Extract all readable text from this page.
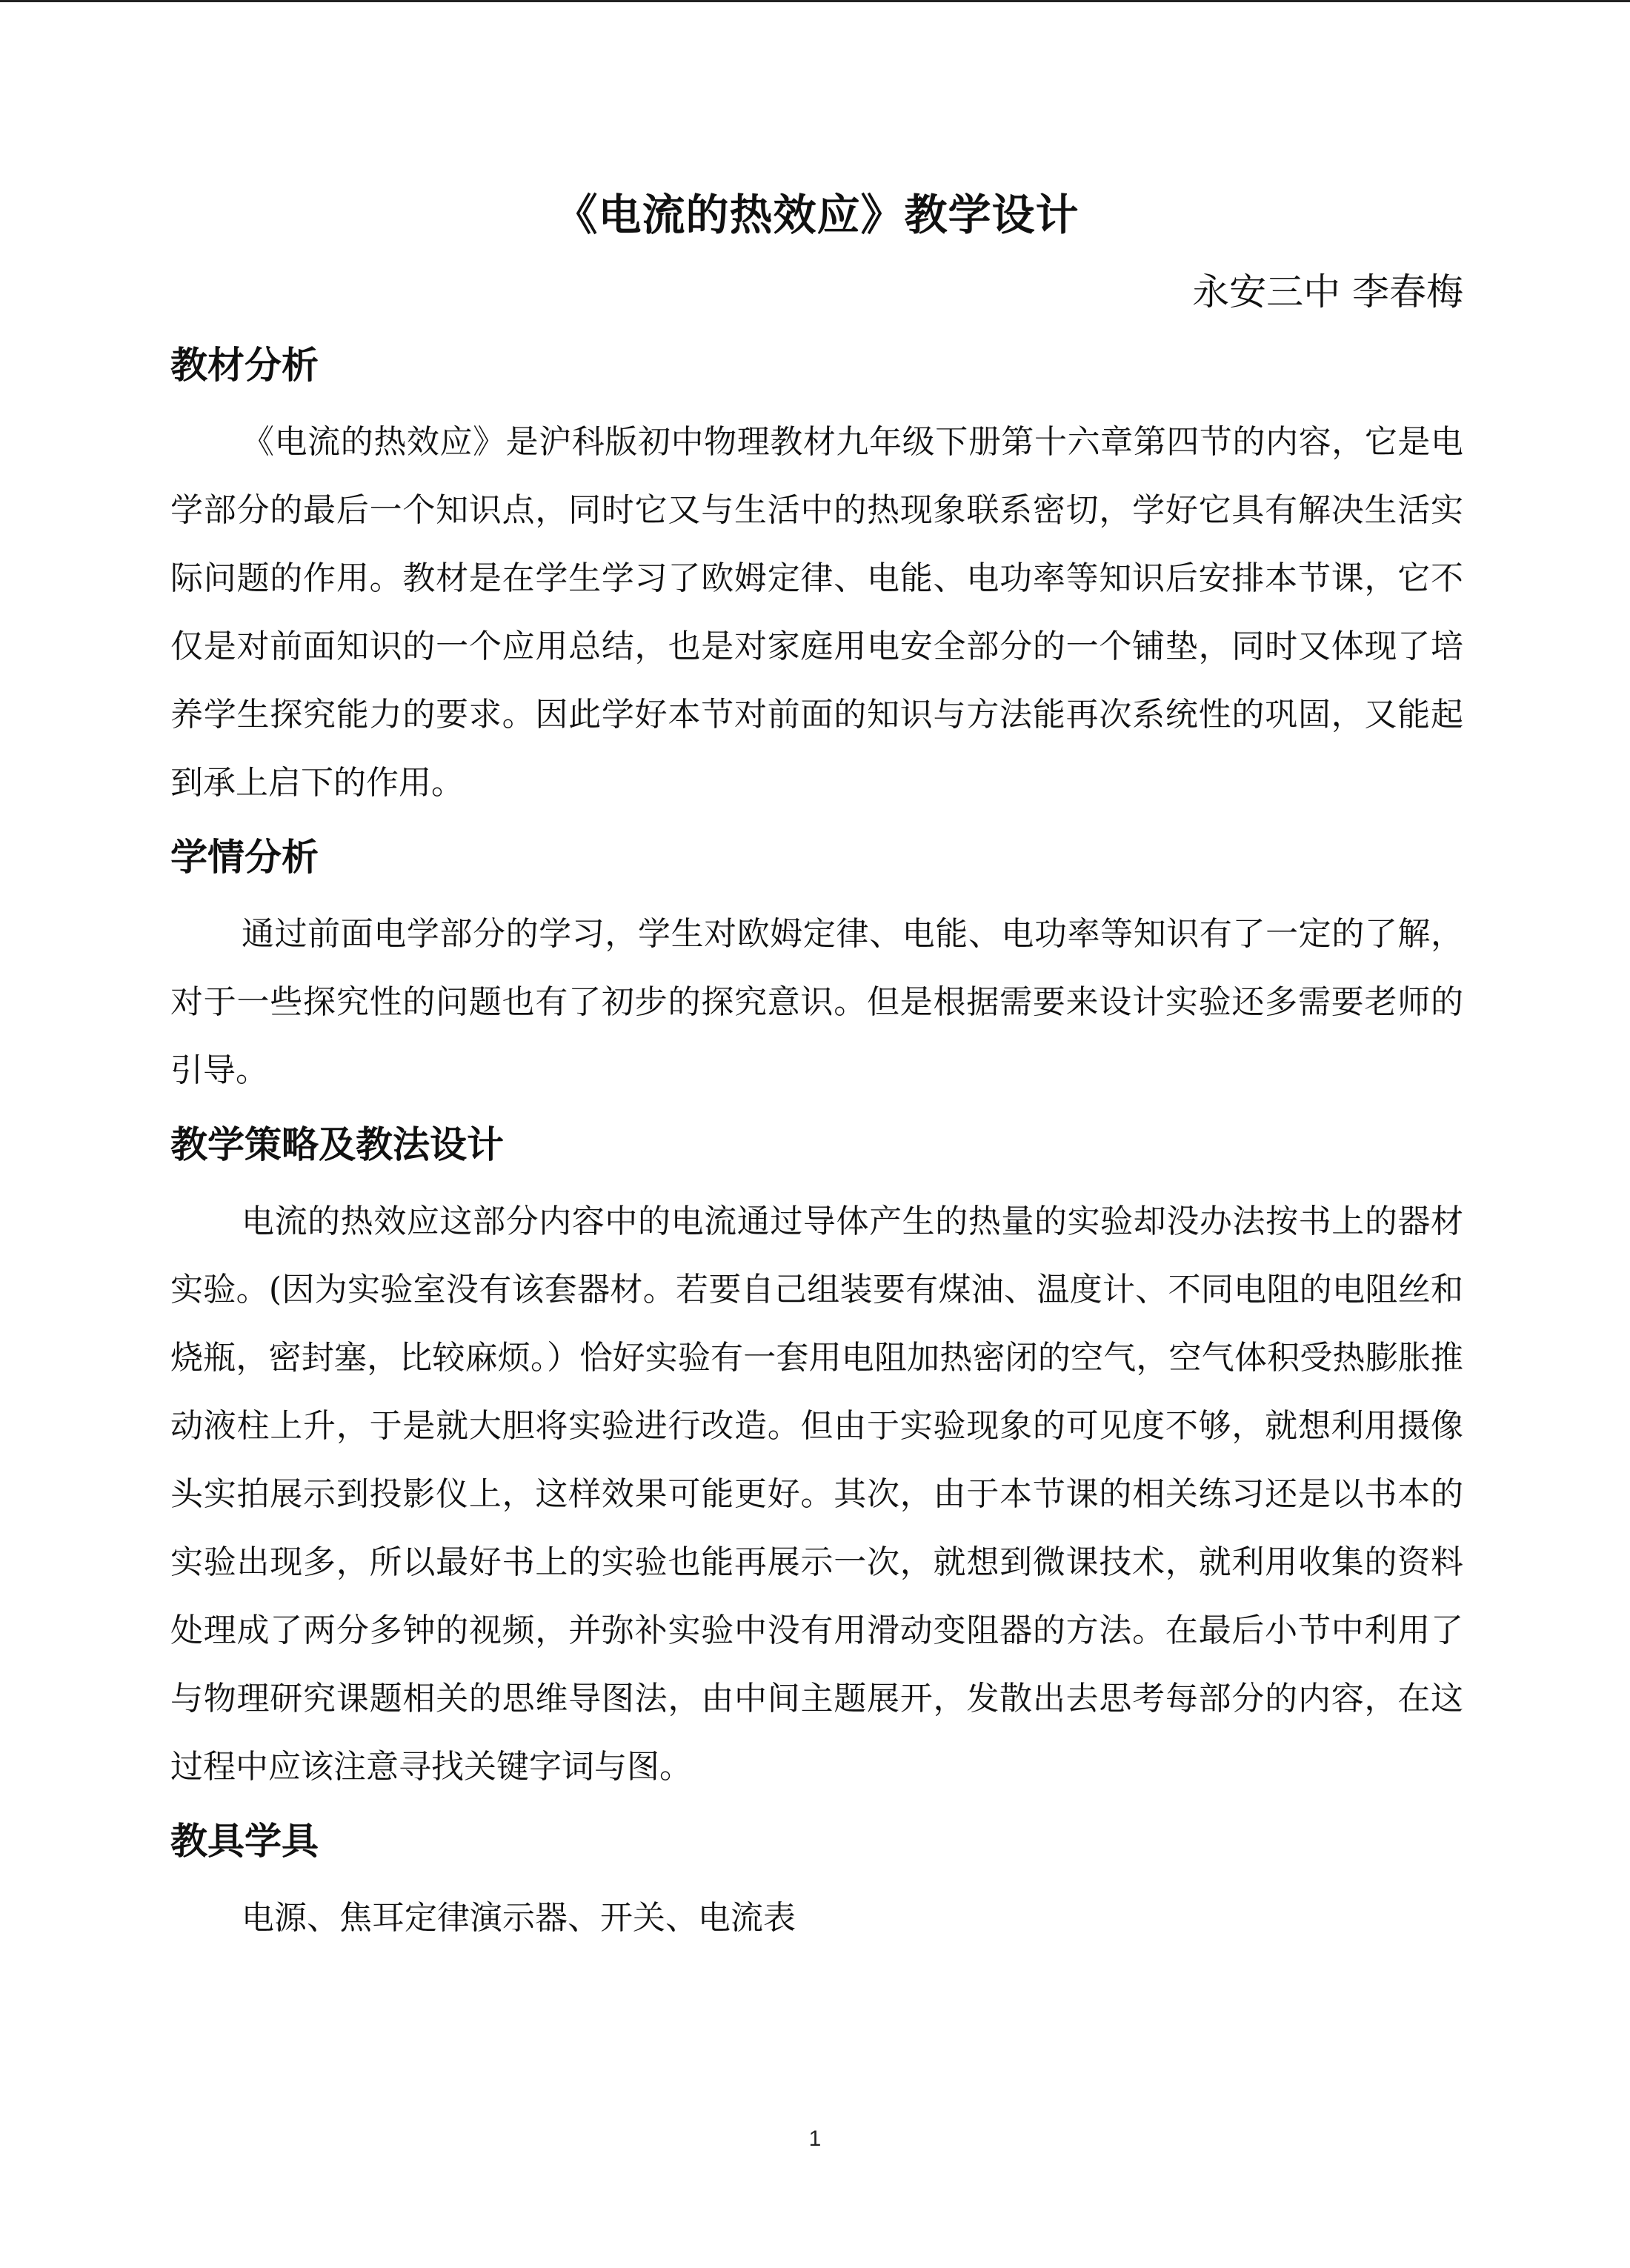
《电流的热效应》教学设计
永安三中 李春梅
教材分析

《电流的热效应》是沪科版初中物理教材九年级下册第十六章第四节的内容，它是电学部分的最后一个知识点，同时它又与生活中的热现象联系密切，学好它具有解决生活实际问题的作用。教材是在学生学习了欧姆定律、电能、电功率等知识后安排本节课，它不仅是对前面知识的一个应用总结，也是对家庭用电安全部分的一个铺垫，同时又体现了培养学生探究能力的要求。因此学好本节对前面的知识与方法能再次系统性的巩固，又能起到承上启下的作用。

学情分析

通过前面电学部分的学习，学生对欧姆定律、电能、电功率等知识有了一定的了解，对于一些探究性的问题也有了初步的探究意识。但是根据需要来设计实验还多需要老师的引导。

教学策略及教法设计

电流的热效应这部分内容中的电流通过导体产生的热量的实验却没办法按书上的器材实验。(因为实验室没有该套器材。若要自己组装要有煤油、温度计、不同电阻的电阻丝和烧瓶，密封塞，比较麻烦。）恰好实验有一套用电阻加热密闭的空气，空气体积受热膨胀推动液柱上升，于是就大胆将实验进行改造。但由于实验现象的可见度不够，就想利用摄像头实拍展示到投影仪上，这样效果可能更好。其次，由于本节课的相关练习还是以书本的实验出现多，所以最好书上的实验也能再展示一次，就想到微课技术，就利用收集的资料处理成了两分多钟的视频，并弥补实验中没有用滑动变阻器的方法。在最后小节中利用了与物理研究课题相关的思维导图法，由中间主题展开，发散出去思考每部分的内容，在这过程中应该注意寻找关键字词与图。

教具学具

电源、焦耳定律演示器、开关、电流表

1
